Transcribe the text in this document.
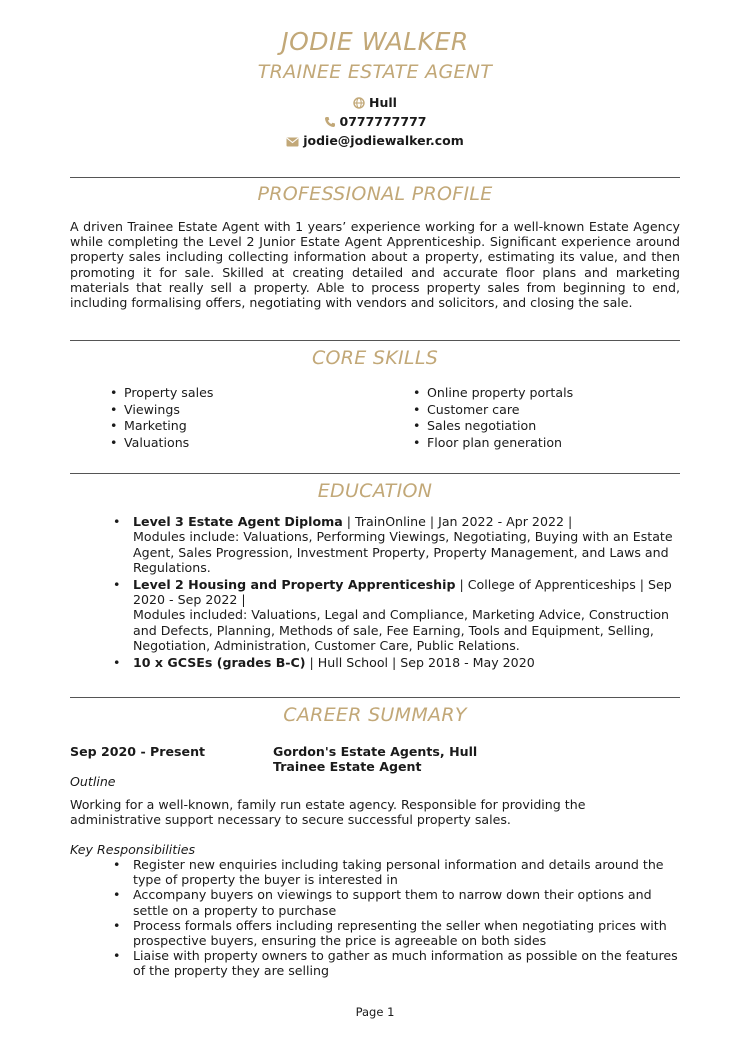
JODIE WALKER
TRAINEE ESTATE AGENT
Hull
0777777777
jodie@jodiewalker.com
PROFESSIONAL PROFILE
A driven Trainee Estate Agent with 1 years’ experience working for a well-known Estate Agency while completing the Level 2 Junior Estate Agent Apprenticeship. Significant experience around property sales including collecting information about a property, estimating its value, and then promoting it for sale. Skilled at creating detailed and accurate floor plans and marketing materials that really sell a property. Able to process property sales from beginning to end, including formalising offers, negotiating with vendors and solicitors, and closing the sale.
CORE SKILLS
• Property sales
• Viewings
• Marketing
• Valuations
• Online property portals
• Customer care
• Sales negotiation
• Floor plan generation
EDUCATION
• Level 3 Estate Agent Diploma | TrainOnline | Jan 2022 - Apr 2022 |
Modules include: Valuations, Performing Viewings, Negotiating, Buying with an Estate Agent, Sales Progression, Investment Property, Property Management, and Laws and Regulations.
• Level 2 Housing and Property Apprenticeship | College of Apprenticeships | Sep 2020 - Sep 2022 |
Modules included: Valuations, Legal and Compliance, Marketing Advice, Construction and Defects, Planning, Methods of sale, Fee Earning, Tools and Equipment, Selling, Negotiation, Administration, Customer Care, Public Relations.
• 10 x GCSEs (grades B-C) | Hull School | Sep 2018 - May 2020
CAREER SUMMARY
Sep 2020 - Present	Gordon's Estate Agents, Hull
Trainee Estate Agent
Outline
Working for a well-known, family run estate agency. Responsible for providing the administrative support necessary to secure successful property sales.
Key Responsibilities
• Register new enquiries including taking personal information and details around the type of property the buyer is interested in
• Accompany buyers on viewings to support them to narrow down their options and settle on a property to purchase
• Process formals offers including representing the seller when negotiating prices with prospective buyers, ensuring the price is agreeable on both sides
• Liaise with property owners to gather as much information as possible on the features of the property they are selling
Page 1
